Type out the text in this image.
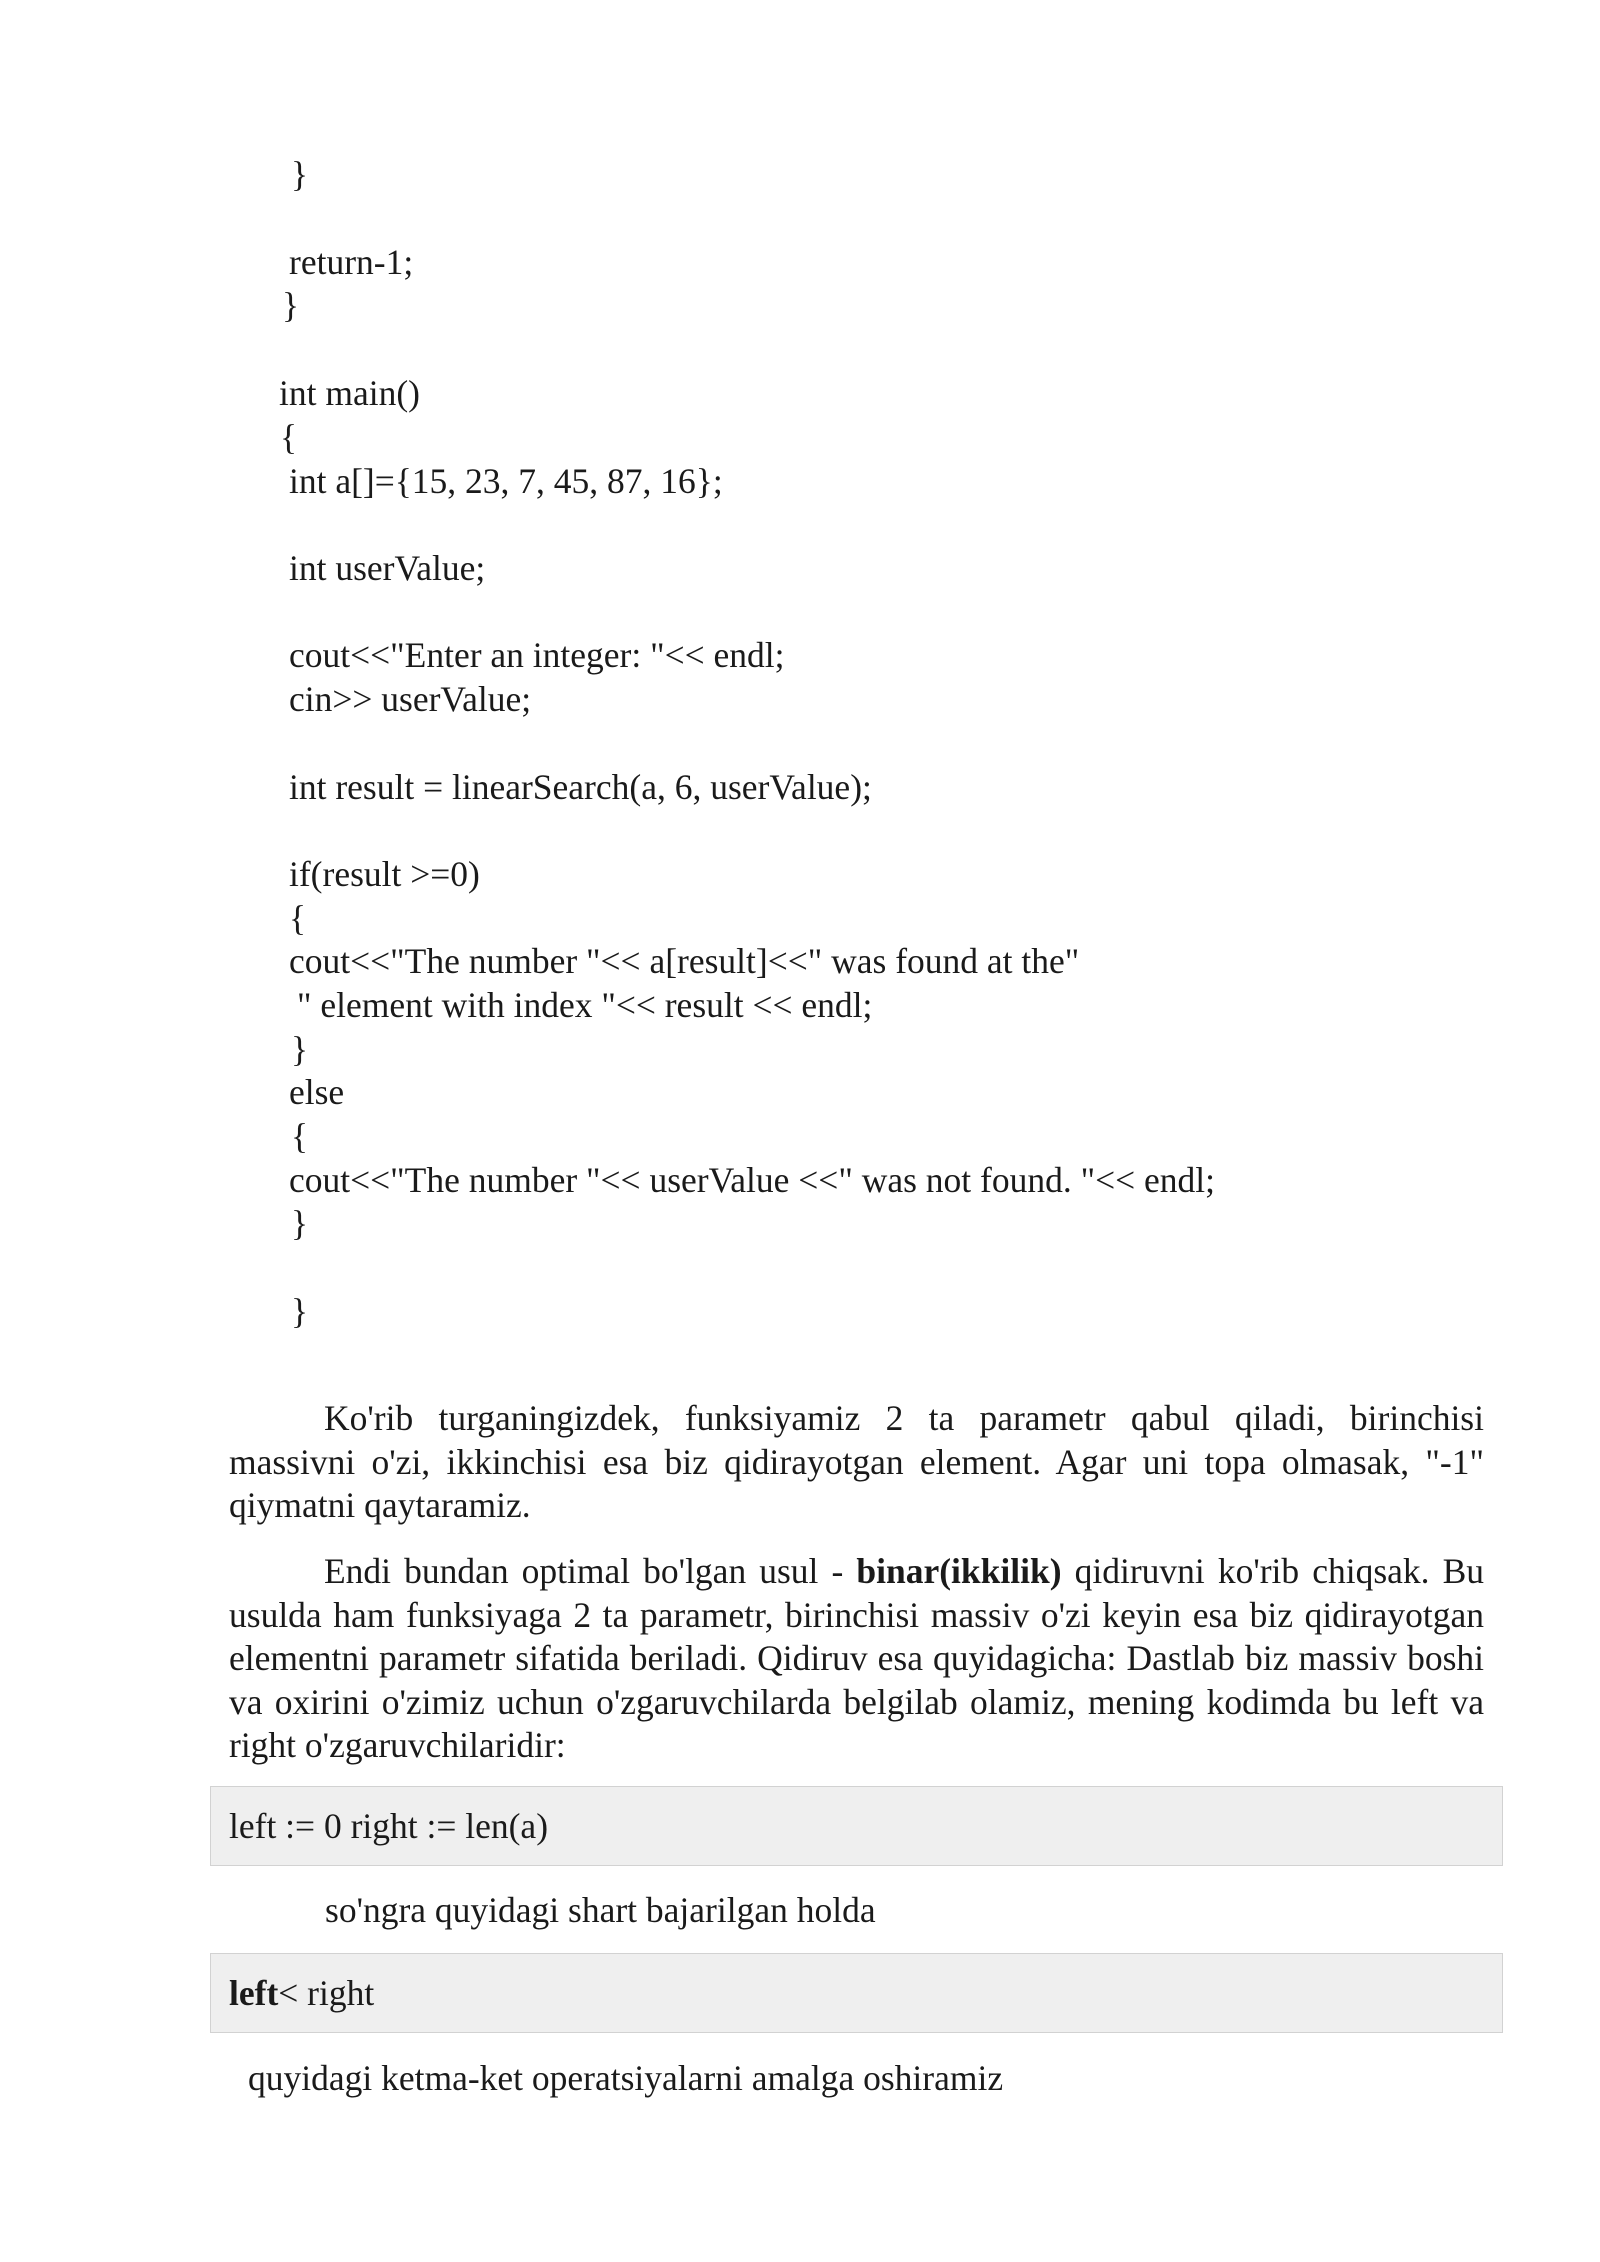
}
return-1;
}
int main()
{
int a[]={15, 23, 7, 45, 87, 16};
int userValue;
cout<<"Enter an integer: "<< endl;
cin>> userValue;
int result = linearSearch(a, 6, userValue);
if(result >=0)
{
cout<<"The number "<< a[result]<<" was found at the"
" element with index "<< result << endl;
}
else
{
cout<<"The number "<< userValue <<" was not found. "<< endl;
}
}
Ko'rib turganingizdek, funksiyamiz 2 ta parametr qabul qiladi, birinchisi massivni o'zi, ikkinchisi esa biz qidirayotgan element. Agar uni topa olmasak, "-1" qiymatni qaytaramiz.
Endi bundan optimal bo'lgan usul - binar(ikkilik) qidiruvni ko'rib chiqsak. Bu usulda ham funksiyaga 2 ta parametr, birinchisi massiv o'zi keyin esa biz qidirayotgan elementni parametr sifatida beriladi. Qidiruv esa quyidagicha: Dastlab biz massiv boshi va oxirini o'zimiz uchun o'zgaruvchilarda belgilab olamiz, mening kodimda bu left va right o'zgaruvchilaridir:
left := 0 right := len(a)
so'ngra quyidagi shart bajarilgan holda
left< right
quyidagi ketma-ket operatsiyalarni amalga oshiramiz
